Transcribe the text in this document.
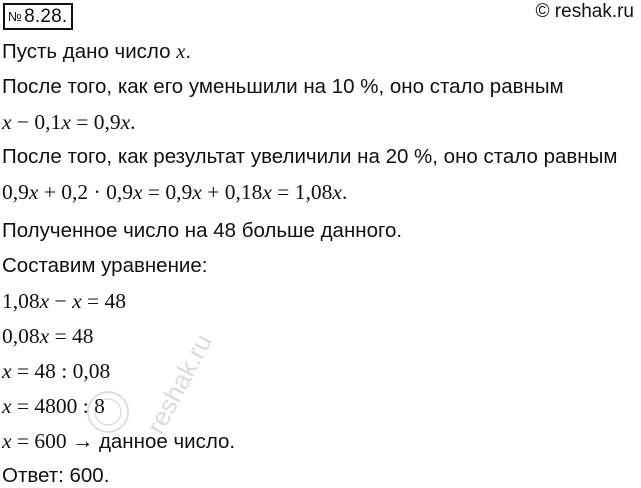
№ 8.28.	© reshak.ru
Пусть дано число x.
После того, как его уменьшили на 10 %, оно стало равным
x − 0,1x = 0,9x.
После того, как результат увеличили на 20 %, оно стало равным
0,9x + 0,2 · 0,9x = 0,9x + 0,18x = 1,08x.
Полученное число на 48 больше данного.
Составим уравнение:
1,08x − x = 48
0,08x = 48
x = 48 : 0,08
x = 4800 : 8
x = 600 → данное число.
Ответ: 600.
reshak.ru
